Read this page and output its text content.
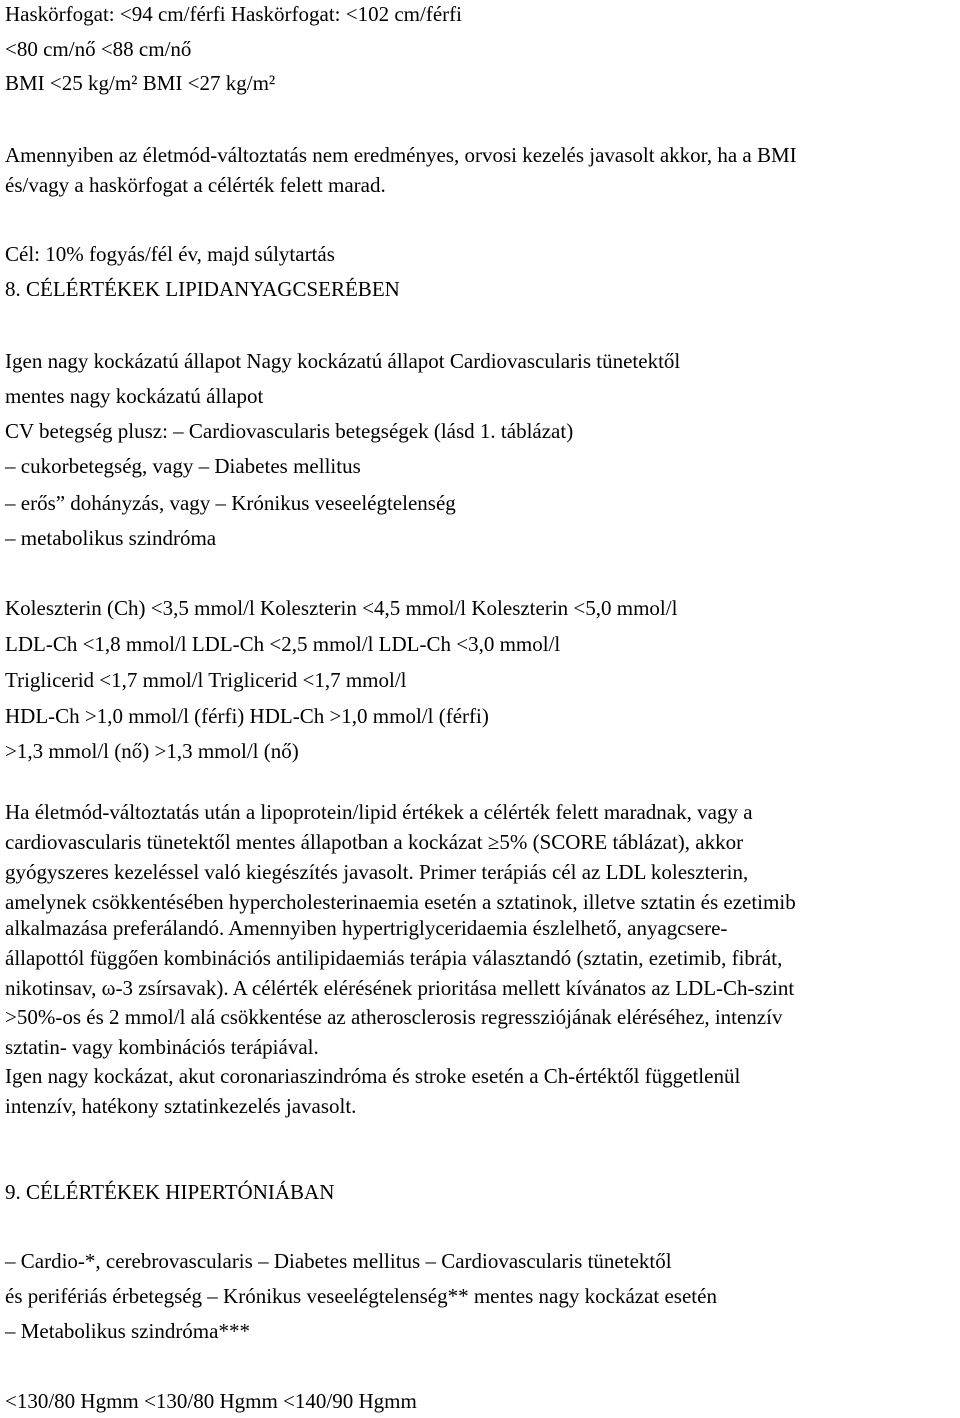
Haskörfogat: <94 cm/férfi Haskörfogat: <102 cm/férfi
<80 cm/nő <88 cm/nő
BMI <25 kg/m² BMI <27 kg/m²
Amennyiben az életmód-változtatás nem eredményes, orvosi kezelés javasolt akkor, ha a BMI
és/vagy a haskörfogat a célérték felett marad.
Cél: 10% fogyás/fél év, majd súlytartás
8. CÉLÉRTÉKEK LIPIDANYAGCSERÉBEN
Igen nagy kockázatú állapot Nagy kockázatú állapot Cardiovascularis tünetektől
mentes nagy kockázatú állapot
CV betegség plusz: – Cardiovascularis betegségek (lásd 1. táblázat)
– cukorbetegség, vagy – Diabetes mellitus
– erős” dohányzás, vagy – Krónikus veseelégtelenség
– metabolikus szindróma
Koleszterin (Ch) <3,5 mmol/l Koleszterin <4,5 mmol/l Koleszterin <5,0 mmol/l
LDL-Ch <1,8 mmol/l LDL-Ch <2,5 mmol/l LDL-Ch <3,0 mmol/l
Triglicerid <1,7 mmol/l Triglicerid <1,7 mmol/l
HDL-Ch >1,0 mmol/l (férfi) HDL-Ch >1,0 mmol/l (férfi)
>1,3 mmol/l (nő) >1,3 mmol/l (nő)
Ha életmód-változtatás után a lipoprotein/lipid értékek a célérték felett maradnak, vagy a
cardiovascularis tünetektől mentes állapotban a kockázat ≥5% (SCORE táblázat), akkor
gyógyszeres kezeléssel való kiegészítés javasolt. Primer terápiás cél az LDL koleszterin,
amelynek csökkentésében hypercholesterinaemia esetén a sztatinok, illetve sztatin és ezetimib
alkalmazása preferálandó. Amennyiben hypertriglyceridaemia észlelhető, anyagcsere-
állapottól függően kombinációs antilipidaemiás terápia választandó (sztatin, ezetimib, fibrát,
nikotinsav, ω-3 zsírsavak). A célérték elérésének prioritása mellett kívánatos az LDL-Ch-szint
>50%-os és 2 mmol/l alá csökkentése az atherosclerosis regressziójának eléréséhez, intenzív
sztatin- vagy kombinációs terápiával.
Igen nagy kockázat, akut coronariaszindróma és stroke esetén a Ch-értéktől függetlenül
intenzív, hatékony sztatinkezelés javasolt.
9. CÉLÉRTÉKEK HIPERTÓNIÁBAN
– Cardio-*, cerebrovascularis – Diabetes mellitus – Cardiovascularis tünetektől
és perifériás érbetegség – Krónikus veseelégtelenség** mentes nagy kockázat esetén
– Metabolikus szindróma***
<130/80 Hgmm <130/80 Hgmm <140/90 Hgmm
